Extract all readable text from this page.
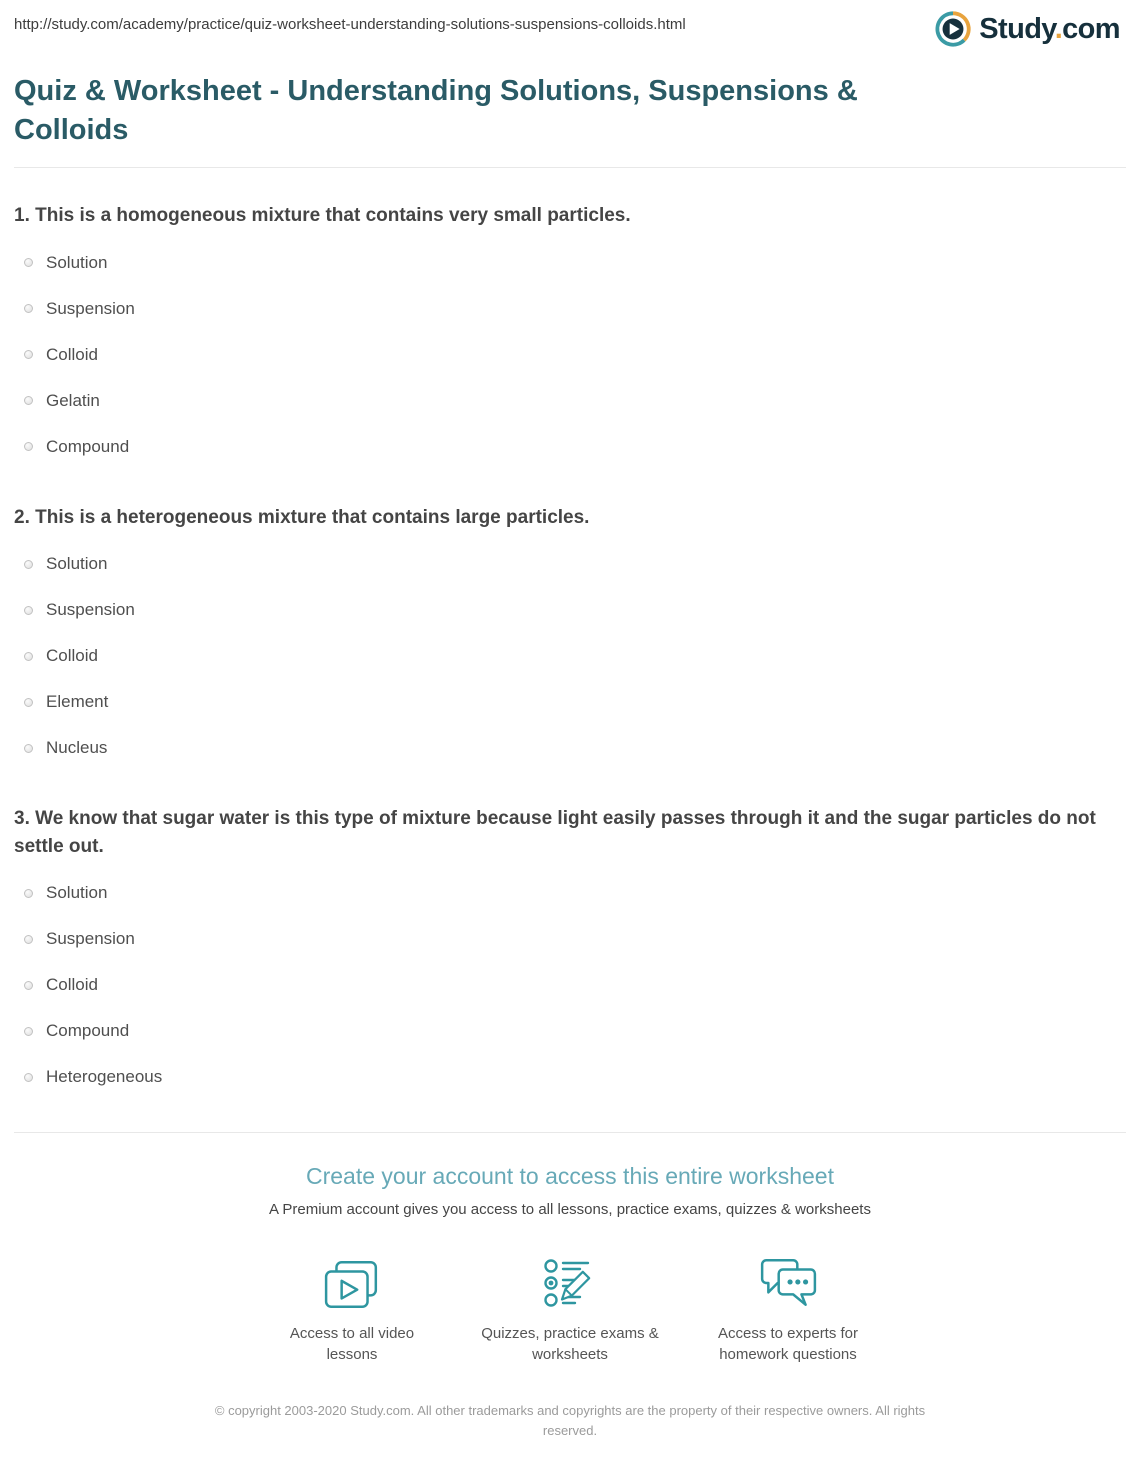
http://study.com/academy/practice/quiz-worksheet-understanding-solutions-suspensions-colloids.html	Study.com
Quiz & Worksheet - Understanding Solutions, Suspensions & Colloids

1. This is a homogeneous mixture that contains very small particles.

Solution
Suspension
Colloid
Gelatin
Compound

2. This is a heterogeneous mixture that contains large particles.

Solution
Suspension
Colloid
Element
Nucleus

3. We know that sugar water is this type of mixture because light easily passes through it and the sugar particles do not settle out.

Solution
Suspension
Colloid
Compound
Heterogeneous
Create your account to access this entire worksheet
A Premium account gives you access to all lessons, practice exams, quizzes & worksheets
Access to all video lessons
Quizzes, practice exams & worksheets
Access to experts for homework questions
© copyright 2003-2020 Study.com. All other trademarks and copyrights are the property of their respective owners. All rights reserved.
